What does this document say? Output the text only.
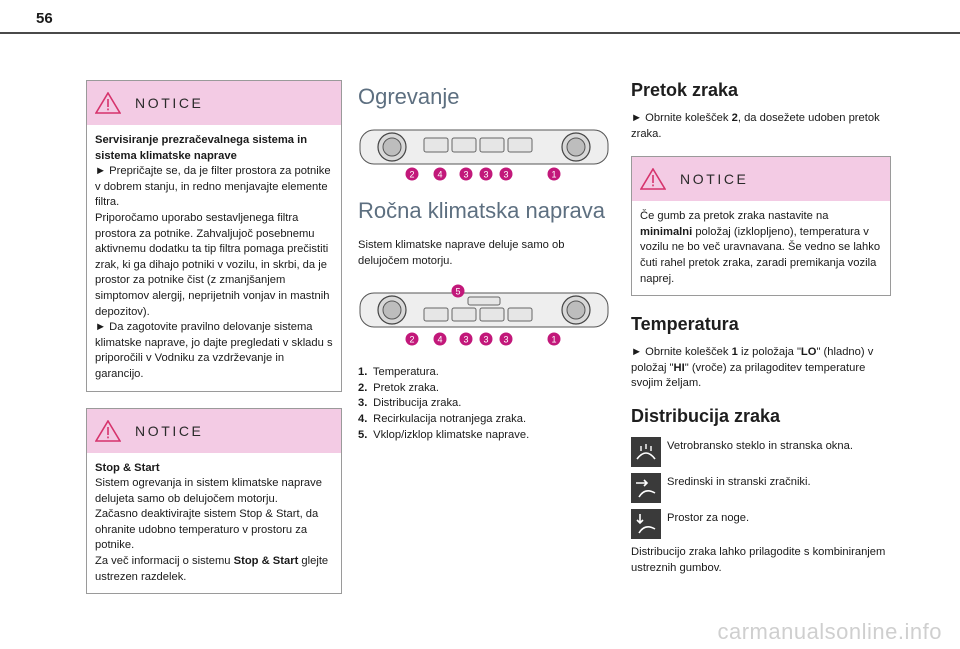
56
NOTICE

Servisiranje prezračevalnega sistema in sistema klimatske naprave

► Prepričajte se, da je filter prostora za potnike v dobrem stanju, in redno menjavajte elemente filtra.

Priporočamo uporabo sestavljenega filtra prostora za potnike. Zahvaljujoč posebnemu aktivnemu dodatku ta tip filtra pomaga prečistiti zrak, ki ga dihajo potniki v vozilu, in skrbi, da je prostor za potnike čist (z zmanjšanjem simptomov alergij, neprijetnih vonjav in mastnih depozitov).

► Da zagotovite pravilno delovanje sistema klimatske naprave, jo dajte pregledati v skladu s priporočili v Vodniku za vzdrževanje in garancijo.

NOTICE

Stop & Start

Sistem ogrevanja in sistem klimatske naprave delujeta samo ob delujočem motorju.

Začasno deaktivirajte sistem Stop & Start, da ohranite udobno temperaturo v prostoru za potnike.

Za več informacij o sistemu Stop & Start glejte ustrezen razdelek.

Ogrevanje
2	4 3 3 3	1
Ročna klimatska naprava

Sistem klimatske naprave deluje samo ob delujočem motorju.

5
2	4 3 3 3	1
1. Temperatura.
2. Pretok zraka.
3. Distribucija zraka.
4. Recirkulacija notranjega zraka.
5. Vklop/izklop klimatske naprave.
Pretok zraka

► Obrnite kolešček 2, da dosežete udoben pretok zraka.

NOTICE

Če gumb za pretok zraka nastavite na minimalni položaj (izklopljeno), temperatura v vozilu ne bo več uravnavana. Še vedno se lahko čuti rahel pretok zraka, zaradi premikanja vozila naprej.

Temperatura

► Obrnite kolešček 1 iz položaja "LO" (hladno) v položaj "HI" (vroče) za prilagoditev temperature svojim željam.

Distribucija zraka
Vetrobransko steklo in stranska okna.
Sredinski in stranski zračniki.
Prostor za noge.

Distribucijo zraka lahko prilagodite s kombiniranjem ustreznih gumbov.

carmanualsonline.info
